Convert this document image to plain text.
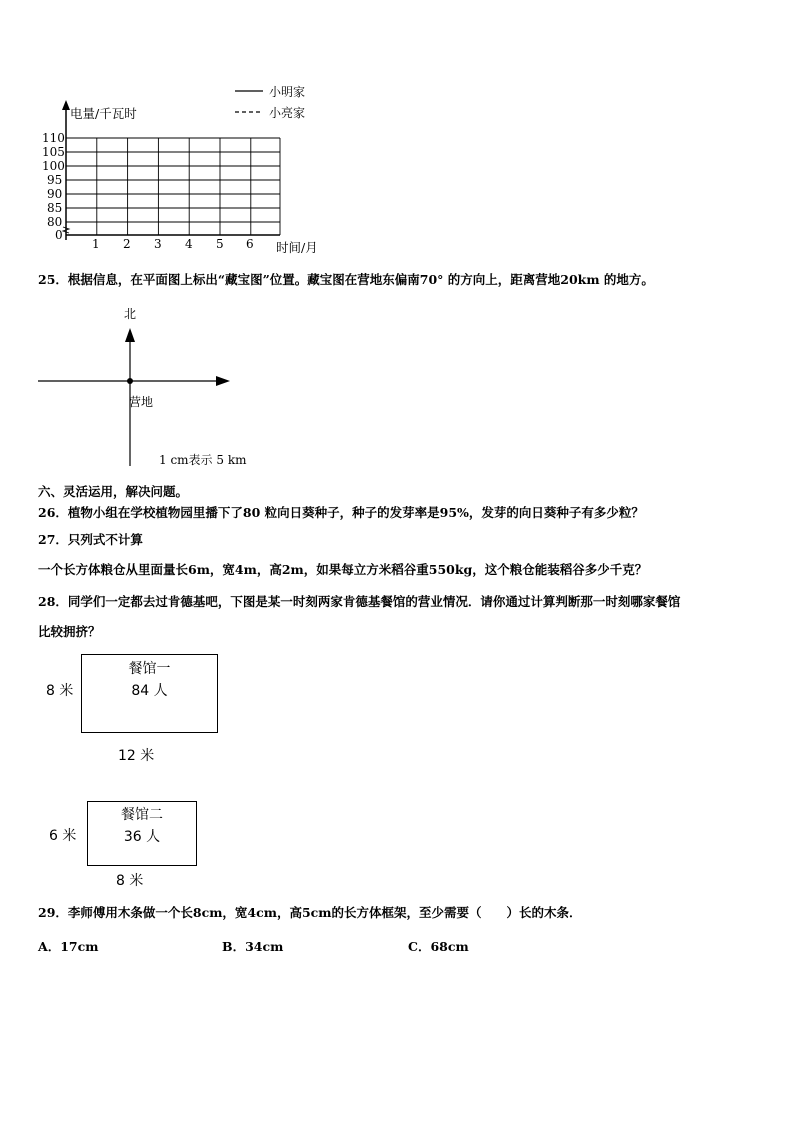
小明家
小亮家
电量/千瓦时
时间/月
110
105
100
95
90
85
80
0
1 2 3 4 5 6
25．根据信息，在平面图上标出“藏宝图”位置。藏宝图在营地东偏南70° 的方向上，距离营地20km 的地方。
北
营地
1 cm表示 5 km
六、灵活运用，解决问题。
26．植物小组在学校植物园里播下了80 粒向日葵种子，种子的发芽率是95%，发芽的向日葵种子有多少粒？
27．只列式不计算
一个长方体粮仓从里面量长6m，宽4m，高2m，如果每立方米稻谷重550kg，这个粮仓能装稻谷多少千克？
28．同学们一定都去过肯德基吧，下图是某一时刻两家肯德基餐馆的营业情况．请你通过计算判断那一时刻哪家餐馆
比较拥挤？
餐馆一
84 人
8 米
12 米
餐馆二
36 人
6 米
8 米
29．李师傅用木条做一个长8cm，宽4cm，高5cm的长方体框架，至少需要（　　）长的木条．
A．17cm	B．34cm	C．68cm
